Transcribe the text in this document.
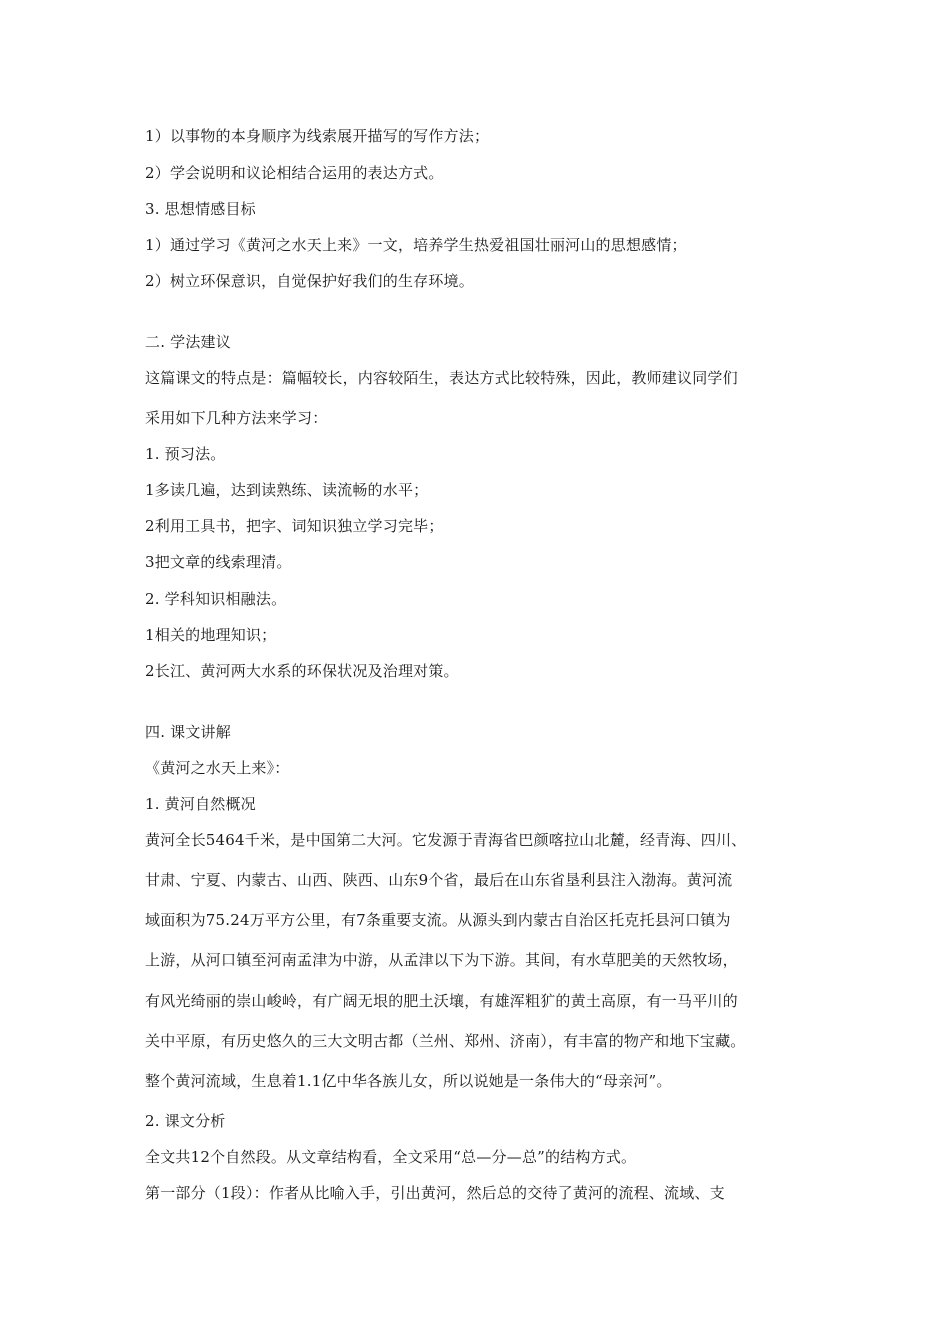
1）以事物的本身顺序为线索展开描写的写作方法；
2）学会说明和议论相结合运用的表达方式。
3. 思想情感目标
1）通过学习《黄河之水天上来》一文，培养学生热爱祖国壮丽河山的思想感情；
2）树立环保意识，自觉保护好我们的生存环境。
二. 学法建议
这篇课文的特点是：篇幅较长，内容较陌生，表达方式比较特殊，因此，教师建议同学们
采用如下几种方法来学习：
1. 预习法。
1多读几遍，达到读熟练、读流畅的水平；
2利用工具书，把字、词知识独立学习完毕；
3把文章的线索理清。
2. 学科知识相融法。
1相关的地理知识；
2长江、黄河两大水系的环保状况及治理对策。
四. 课文讲解
《黄河之水天上来》：
1. 黄河自然概况
黄河全长5464千米，是中国第二大河。它发源于青海省巴颜喀拉山北麓，经青海、四川、
甘肃、宁夏、内蒙古、山西、陕西、山东9个省，最后在山东省垦利县注入渤海。黄河流
域面积为75.24万平方公里，有7条重要支流。从源头到内蒙古自治区托克托县河口镇为
上游，从河口镇至河南孟津为中游，从孟津以下为下游。其间，有水草肥美的天然牧场，
有风光绮丽的崇山峻岭，有广阔无垠的肥土沃壤，有雄浑粗犷的黄土高原，有一马平川的
关中平原，有历史悠久的三大文明古都（兰州、郑州、济南），有丰富的物产和地下宝藏。
整个黄河流域，生息着1.1亿中华各族儿女，所以说她是一条伟大的“母亲河”。
2. 课文分析
全文共12个自然段。从文章结构看，全文采用“总—分—总”的结构方式。
第一部分（1段）：作者从比喻入手，引出黄河，然后总的交待了黄河的流程、流域、支
